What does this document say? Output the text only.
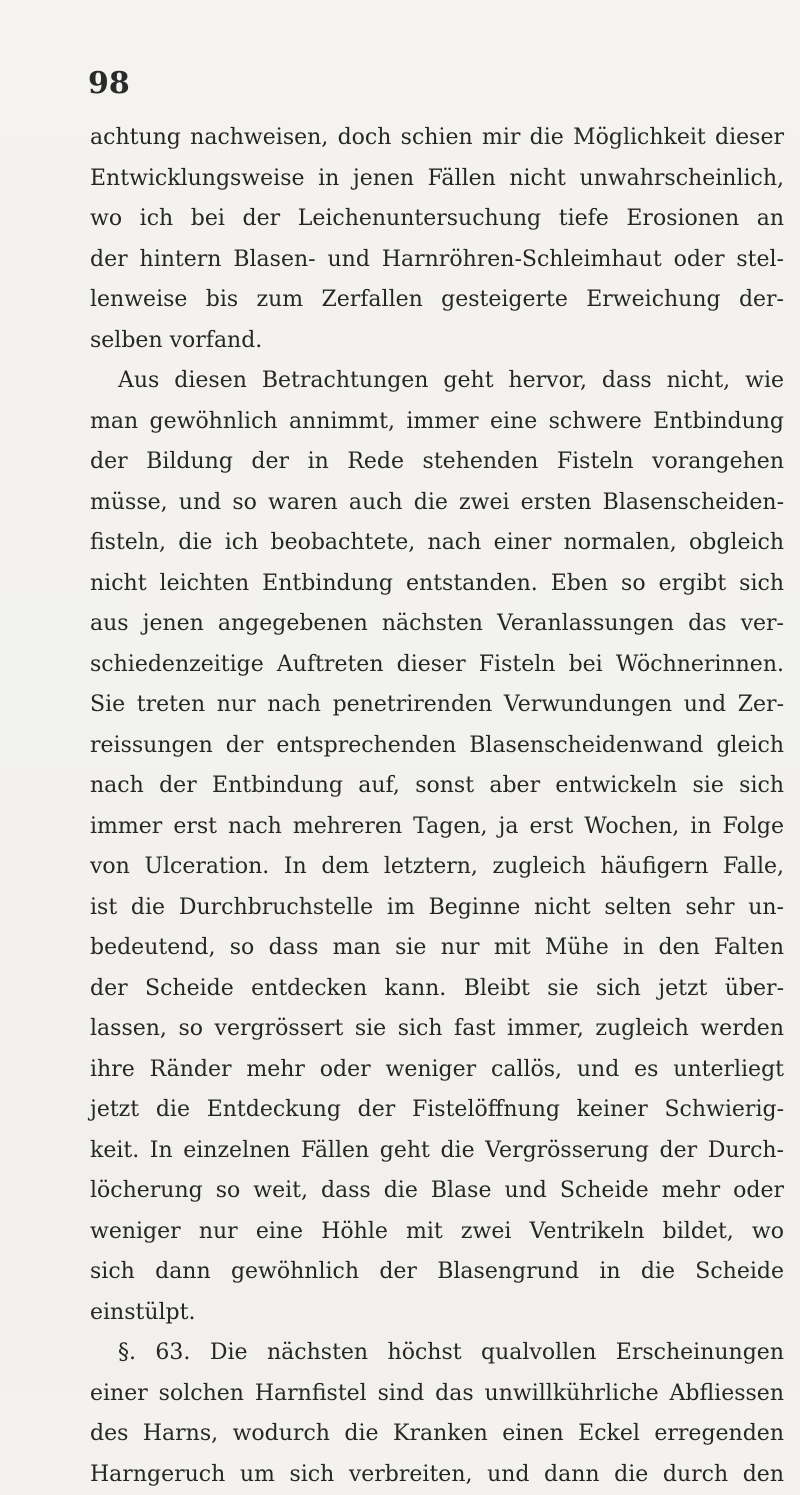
98
achtung nachweisen, doch schien mir die Möglichkeit dieser
Entwicklungsweise in jenen Fällen nicht unwahrscheinlich,
wo ich bei der Leichenuntersuchung tiefe Erosionen an
der hintern Blasen- und Harnröhren-Schleimhaut oder stel-
lenweise bis zum Zerfallen gesteigerte Erweichung der-
selben vorfand.
Aus diesen Betrachtungen geht hervor, dass nicht, wie
man gewöhnlich annimmt, immer eine schwere Entbindung
der Bildung der in Rede stehenden Fisteln vorangehen
müsse, und so waren auch die zwei ersten Blasenscheiden-
fisteln, die ich beobachtete, nach einer normalen, obgleich
nicht leichten Entbindung entstanden. Eben so ergibt sich
aus jenen angegebenen nächsten Veranlassungen das ver-
schiedenzeitige Auftreten dieser Fisteln bei Wöchnerinnen.
Sie treten nur nach penetrirenden Verwundungen und Zer-
reissungen der entsprechenden Blasenscheidenwand gleich
nach der Entbindung auf, sonst aber entwickeln sie sich
immer erst nach mehreren Tagen, ja erst Wochen, in Folge
von Ulceration. In dem letztern, zugleich häufigern Falle,
ist die Durchbruchstelle im Beginne nicht selten sehr un-
bedeutend, so dass man sie nur mit Mühe in den Falten
der Scheide entdecken kann. Bleibt sie sich jetzt über-
lassen, so vergrössert sie sich fast immer, zugleich werden
ihre Ränder mehr oder weniger callös, und es unterliegt
jetzt die Entdeckung der Fistelöffnung keiner Schwierig-
keit. In einzelnen Fällen geht die Vergrösserung der Durch-
löcherung so weit, dass die Blase und Scheide mehr oder
weniger nur eine Höhle mit zwei Ventrikeln bildet, wo
sich dann gewöhnlich der Blasengrund in die Scheide
einstülpt.
§. 63. Die nächsten höchst qualvollen Erscheinungen
einer solchen Harnfistel sind das unwillkührliche Abfliessen
des Harns, wodurch die Kranken einen Eckel erregenden
Harngeruch um sich verbreiten, und dann die durch den
